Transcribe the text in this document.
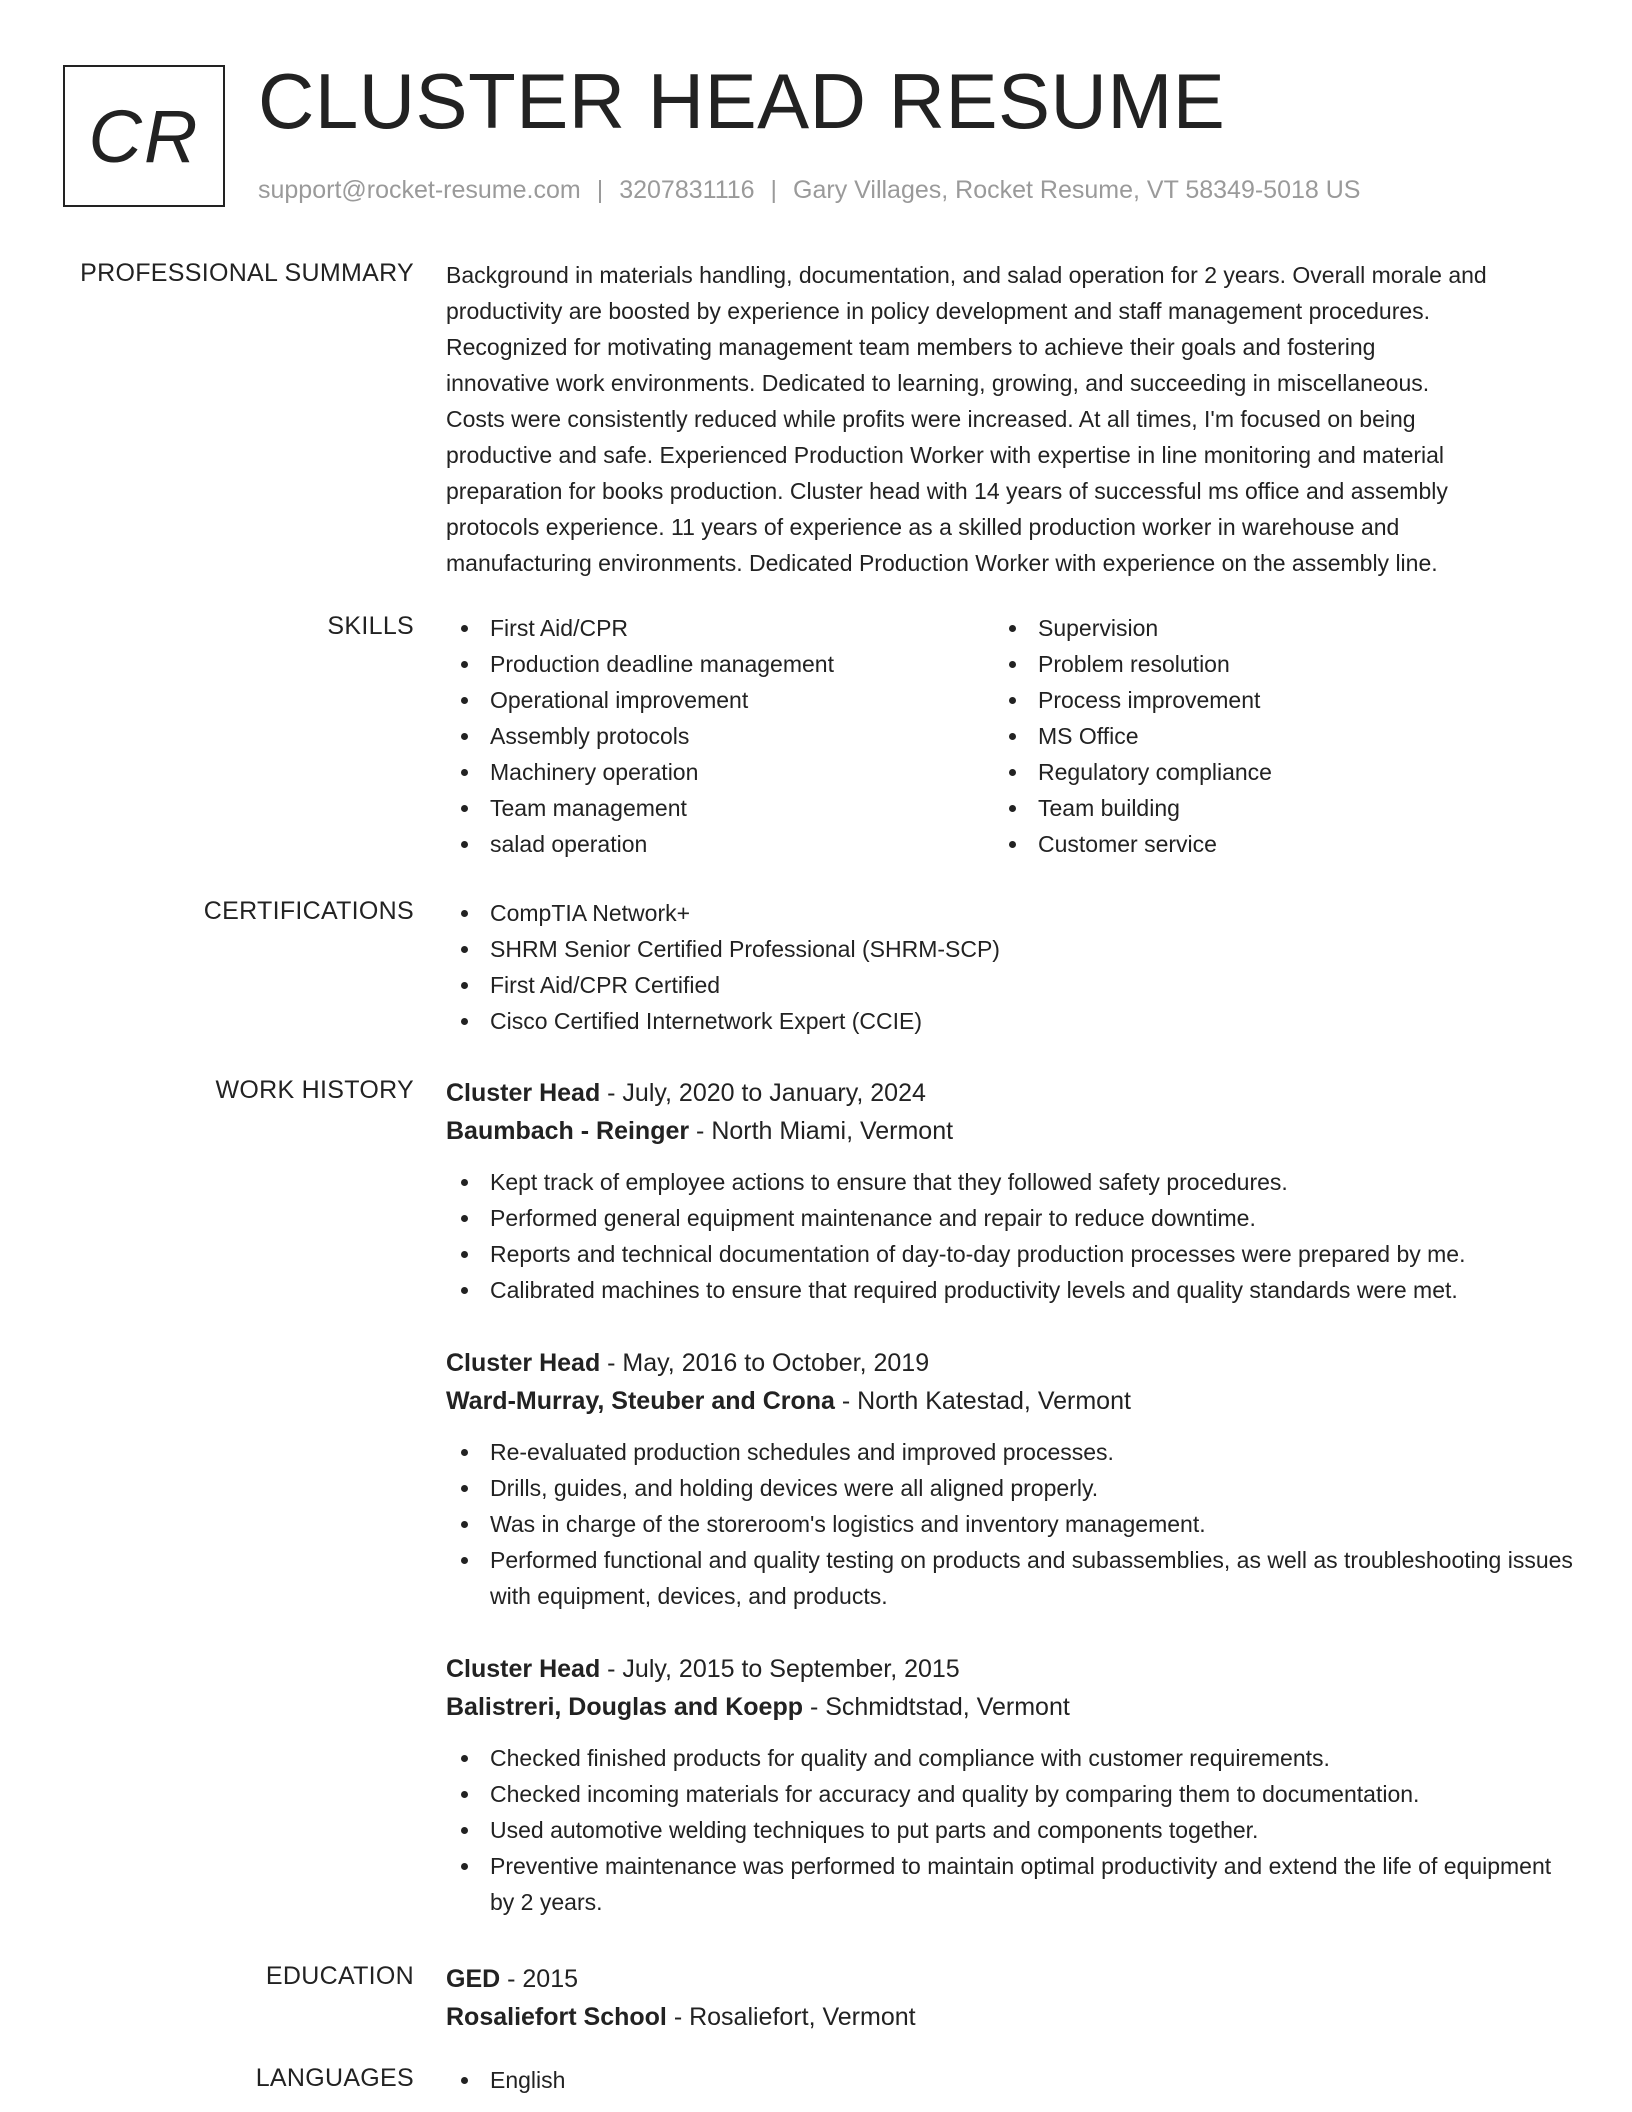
CR CLUSTER HEAD RESUME
support@rocket-resume.com | 3207831116 | Gary Villages, Rocket Resume, VT 58349-5018 US
PROFESSIONAL SUMMARY Background in materials handling, documentation, and salad operation for 2 years. Overall morale and

productivity are boosted by experience in policy development and staff management procedures.

Recognized for motivating management team members to achieve their goals and fostering

innovative work environments. Dedicated to learning, growing, and succeeding in miscellaneous.

Costs were consistently reduced while profits were increased. At all times, I'm focused on being

productive and safe. Experienced Production Worker with expertise in line monitoring and material

preparation for books production. Cluster head with 14 years of successful ms office and assembly

protocols experience. 11 years of experience as a skilled production worker in warehouse and

manufacturing environments. Dedicated Production Worker with experience on the assembly line.

SKILLS	First Aid/CPR
Production deadline management
Operational improvement
Assembly protocols
Machinery operation
Team management
salad operation
Supervision
Problem resolution
Process improvement
MS Office
Regulatory compliance
Team building
Customer service
CERTIFICATIONS	CompTIA Network+
SHRM Senior Certified Professional (SHRM-SCP)
First Aid/CPR Certified
Cisco Certified Internetwork Expert (CCIE)
WORK HISTORY Cluster Head - July, 2020 to January, 2024
Baumbach - Reinger - North Miami, Vermont
Kept track of employee actions to ensure that they followed safety procedures.
Performed general equipment maintenance and repair to reduce downtime.
Reports and technical documentation of day-to-day production processes were prepared by me.
Calibrated machines to ensure that required productivity levels and quality standards were met.
Cluster Head - May, 2016 to October, 2019
Ward-Murray, Steuber and Crona - North Katestad, Vermont
Re-evaluated production schedules and improved processes.
Drills, guides, and holding devices were all aligned properly.
Was in charge of the storeroom's logistics and inventory management.
Performed functional and quality testing on products and subassemblies, as well as troubleshooting issues with equipment, devices, and products.
Cluster Head - July, 2015 to September, 2015
Balistreri, Douglas and Koepp - Schmidtstad, Vermont
Checked finished products for quality and compliance with customer requirements.
Checked incoming materials for accuracy and quality by comparing them to documentation.
Used automotive welding techniques to put parts and components together.
Preventive maintenance was performed to maintain optimal productivity and extend the life of equipment by 2 years.
EDUCATION GED - 2015
Rosaliefort School - Rosaliefort, Vermont
LANGUAGES	English
